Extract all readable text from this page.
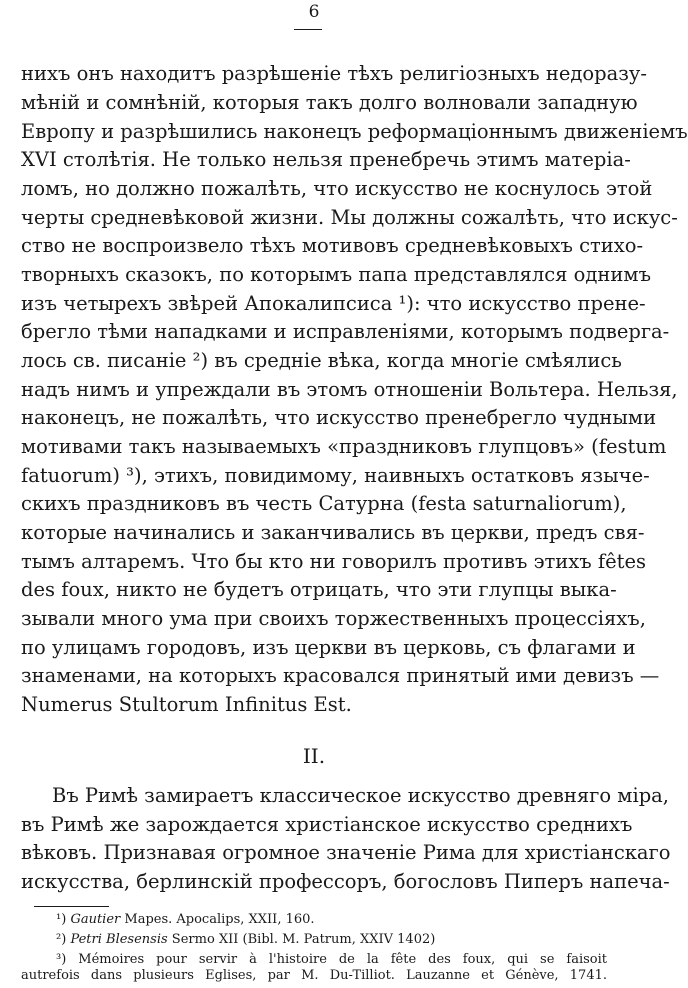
6
нихъ онъ находитъ разрѣшеніе тѣхъ религіозныхъ недоразу-
мѣній и сомнѣній, которыя такъ долго волновали западную
Европу и разрѣшились наконецъ реформаціоннымъ движеніемъ
XVI столѣтія. Не только нельзя пренебречь этимъ матеріа-
ломъ, но должно пожалѣть, что искусство не коснулось этой
черты средневѣковой жизни. Мы должны сожалѣть, что искус-
ство не воспроизвело тѣхъ мотивовъ средневѣковыхъ стихо-
творныхъ сказокъ, по которымъ папа представлялся однимъ
изъ четырехъ звѣрей Апокалипсиса ¹): что искусство прене-
брегло тѣми нападками и исправленіями, которымъ подверга-
лось св. писаніе ²) въ средніе вѣка, когда многіе смѣялись
надъ нимъ и упреждали въ этомъ отношеніи Вольтера. Нельзя,
наконецъ, не пожалѣть, что искусство пренебрегло чудными
мотивами такъ называемыхъ «праздниковъ глупцовъ» (festum
fatuorum) ³), этихъ, повидимому, наивныхъ остатковъ языче-
скихъ праздниковъ въ честь Сатурна (festa saturnaliorum),
которые начинались и заканчивались въ церкви, предъ свя-
тымъ алтаремъ. Что бы кто ни говорилъ противъ этихъ fêtes
des foux, никто не будетъ отрицать, что эти глупцы выка-
зывали много ума при своихъ торжественныхъ процессіяхъ,
по улицамъ городовъ, изъ церкви въ церковь, съ флагами и
знаменами, на которыхъ красовался принятый ими девизъ —
Numerus Stultorum Infinitus Est.
II.
Въ Римѣ замираетъ классическое искусство древняго міра,
въ Римѣ же зарождается христіанское искусство среднихъ
вѣковъ. Признавая огромное значеніе Рима для христіанскаго
искусства, берлинскій профессоръ, богословъ Пиперъ напеча-
¹) Gautier Mapes. Apocalips, XXII, 160.
²) Petri Blesensis Sermo XII (Bibl. M. Patrum, XXIV 1402)
³) Mémoires pour servir à l'histoire de la fête des foux, qui se faisoit
autrefois dans plusieurs Eglises, par M. Du-Tilliot. Lauzanne et Génève, 1741.
